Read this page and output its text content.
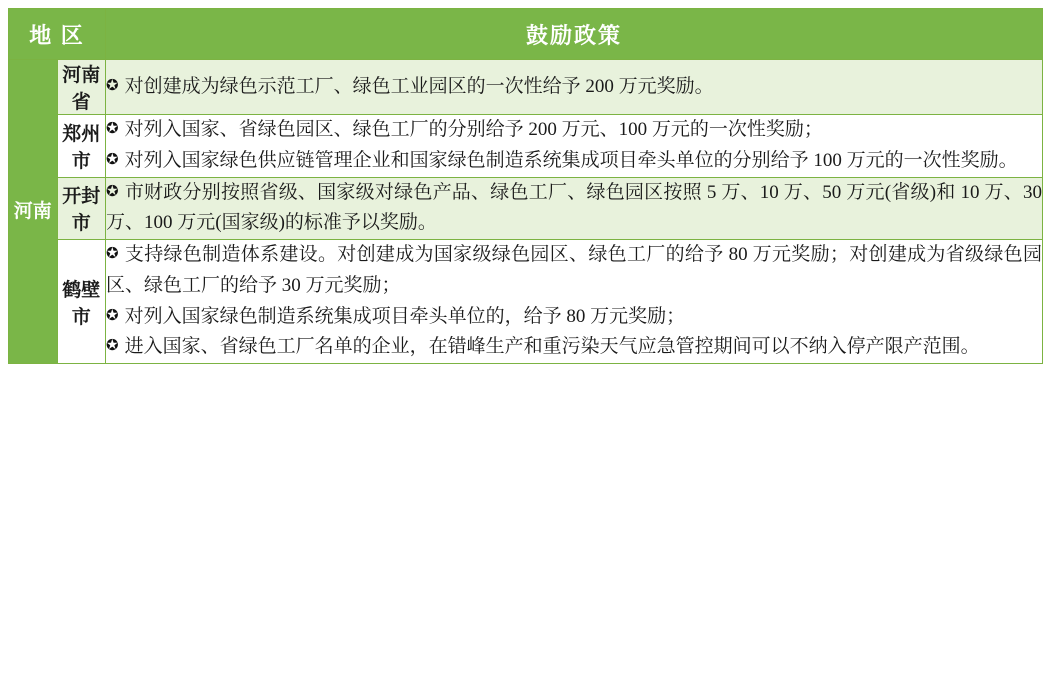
地 区		鼓励政策

河南	河南省	✪ 对创建成为绿色示范工厂、绿色工业园区的一次性给予 200 万元奖励。

	郑州市	✪ 对列入国家、省绿色园区、绿色工厂的分别给予 200 万元、100 万元的一次性奖励；
✪ 对列入国家绿色供应链管理企业和国家绿色制造系统集成项目牵头单位的分别给予 100 万元的一次性奖励。

	开封市	✪ 市财政分别按照省级、国家级对绿色产品、绿色工厂、绿色园区按照 5 万、10 万、50 万元(省级)和 10 万、30 万、100 万元(国家级)的标准予以奖励。

	鹤壁市	✪ 支持绿色制造体系建设。对创建成为国家级绿色园区、绿色工厂的给予 80 万元奖励；对创建成为省级绿色园区、绿色工厂的给予 30 万元奖励；
✪ 对列入国家绿色制造系统集成项目牵头单位的，给予 80 万元奖励；
✪ 进入国家、省绿色工厂名单的企业，在错峰生产和重污染天气应急管控期间可以不纳入停产限产范围。
